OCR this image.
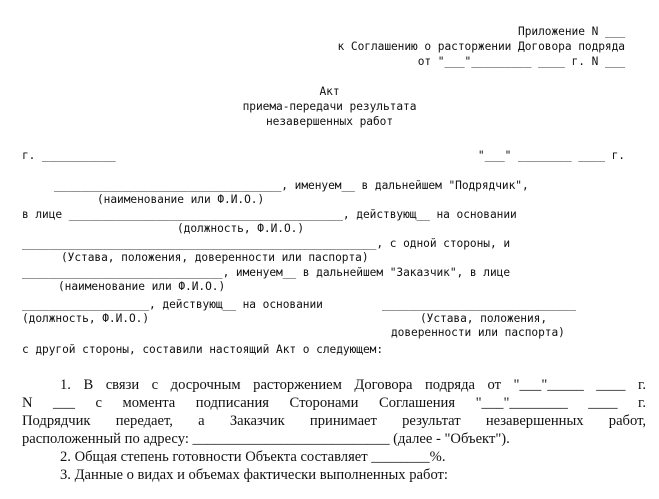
Приложение N ___
к Соглашению о расторжении Договора подряда
от "___"_________ ____ г. N ___
Акт
приема-передачи результата
незавершенных работ
г. ___________	"___" ________ ____ г.
__________________________________, именуем__ в дальнейшем "Подрядчик",
(наименование или Ф.И.О.)
в лице _________________________________________, действующ__ на основании
(должность, Ф.И.О.)
_____________________________________________________, с одной стороны, и
(Устава, положения, доверенности или паспорта)
______________________________, именуем__ в дальнейшем "Заказчик", в лице
(наименование или Ф.И.О.)
___________________, действующ__ на основании	_____________________________
(должность, Ф.И.О.)	(Устава, положения,
доверенности или паспорта)
с другой стороны, составили настоящий Акт о следующем:
1. В связи с досрочным расторжением Договора подряда от "___"_____ ____ г.
N ___ с момента подписания Сторонами Соглашения "___"________ ____ г.
Подрядчик передает, а Заказчик принимает результат незавершенных работ,
расположенный по адресу: ___________________________ (далее - "Объект").
2. Общая степень готовности Объекта составляет ________%.
3. Данные о видах и объемах фактически выполненных работ:
